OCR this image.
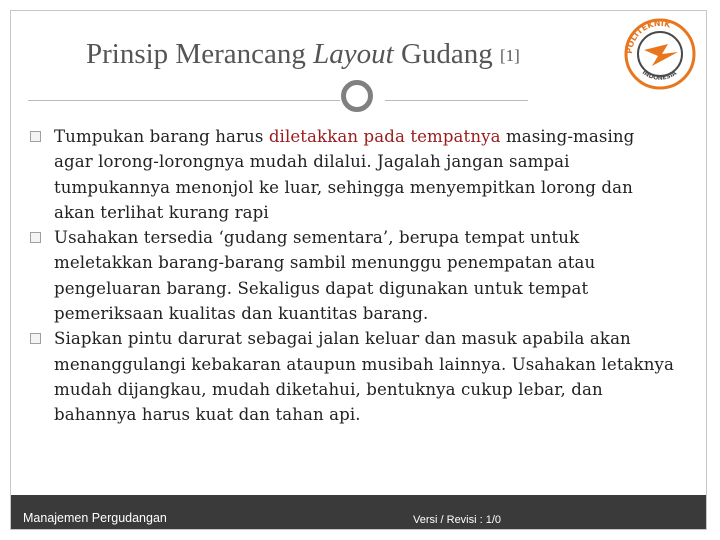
Prinsip Merancang Layout Gudang [1]	POLITEKNIK
INDONESIA
Tumpukan barang harus diletakkan pada tempatnya masing-masing agar lorong-lorongnya mudah dilalui. Jagalah jangan sampai tumpukannya menonjol ke luar, sehingga menyempitkan lorong dan akan terlihat kurang rapi
Usahakan tersedia ‘gudang sementara’, berupa tempat untuk meletakkan barang-barang sambil menunggu penempatan atau pengeluaran barang. Sekaligus dapat digunakan untuk tempat pemeriksaan kualitas dan kuantitas barang.
Siapkan pintu darurat sebagai jalan keluar dan masuk apabila akan menanggulangi kebakaran ataupun musibah lainnya. Usahakan letaknya mudah dijangkau, mudah diketahui, bentuknya cukup lebar, dan bahannya harus kuat dan tahan api.
Manajemen Pergudangan	Versi / Revisi : 1/0
